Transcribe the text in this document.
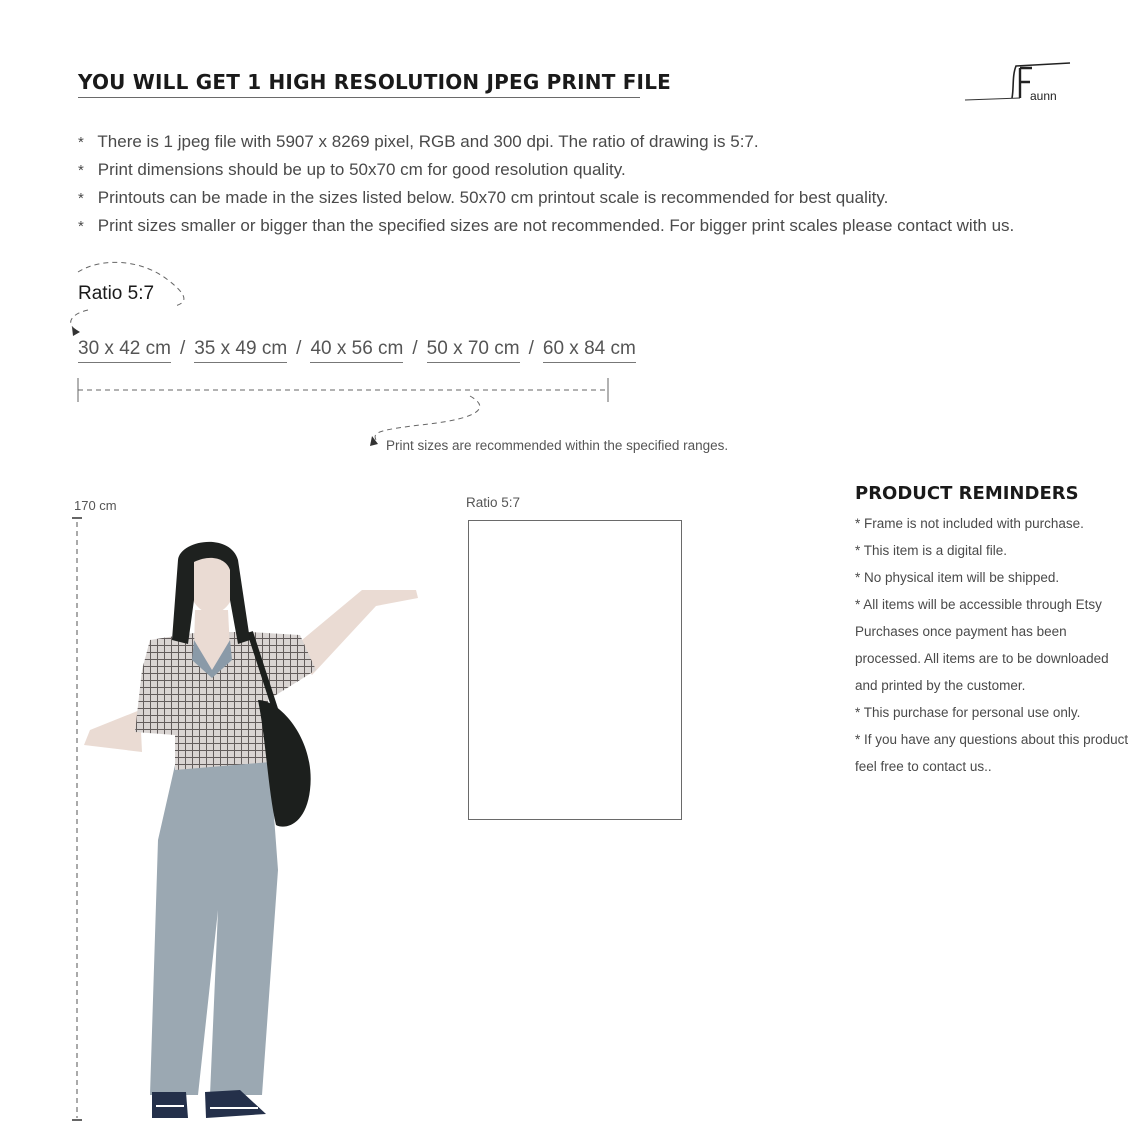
YOU WILL GET 1 HIGH RESOLUTION JPEG PRINT FILE
aunn
* There is 1 jpeg file with 5907 x 8269 pixel, RGB and 300 dpi. The ratio of drawing is 5:7.
* Print dimensions should be up to 50x70 cm for good resolution quality.
* Printouts can be made in the sizes listed below. 50x70 cm printout scale is recommended for best quality.
* Print sizes smaller or bigger than the specified sizes are not recommended. For bigger print scales please contact with us.
Ratio 5:7
30 x 42 cm / 35 x 49 cm / 40 x 56 cm / 50 x 70 cm / 60 x 84 cm
Print sizes are recommended within the specified ranges.
170 cm	Ratio 5:7	PRODUCT REMINDERS
* Frame is not included with purchase.
* This item is a digital file.
* No physical item will be shipped.
* All items will be accessible through Etsy Purchases once payment has been processed. All items are to be downloaded and printed by the customer.
* This purchase for personal use only.
* If you have any questions about this product feel free to contact us..
